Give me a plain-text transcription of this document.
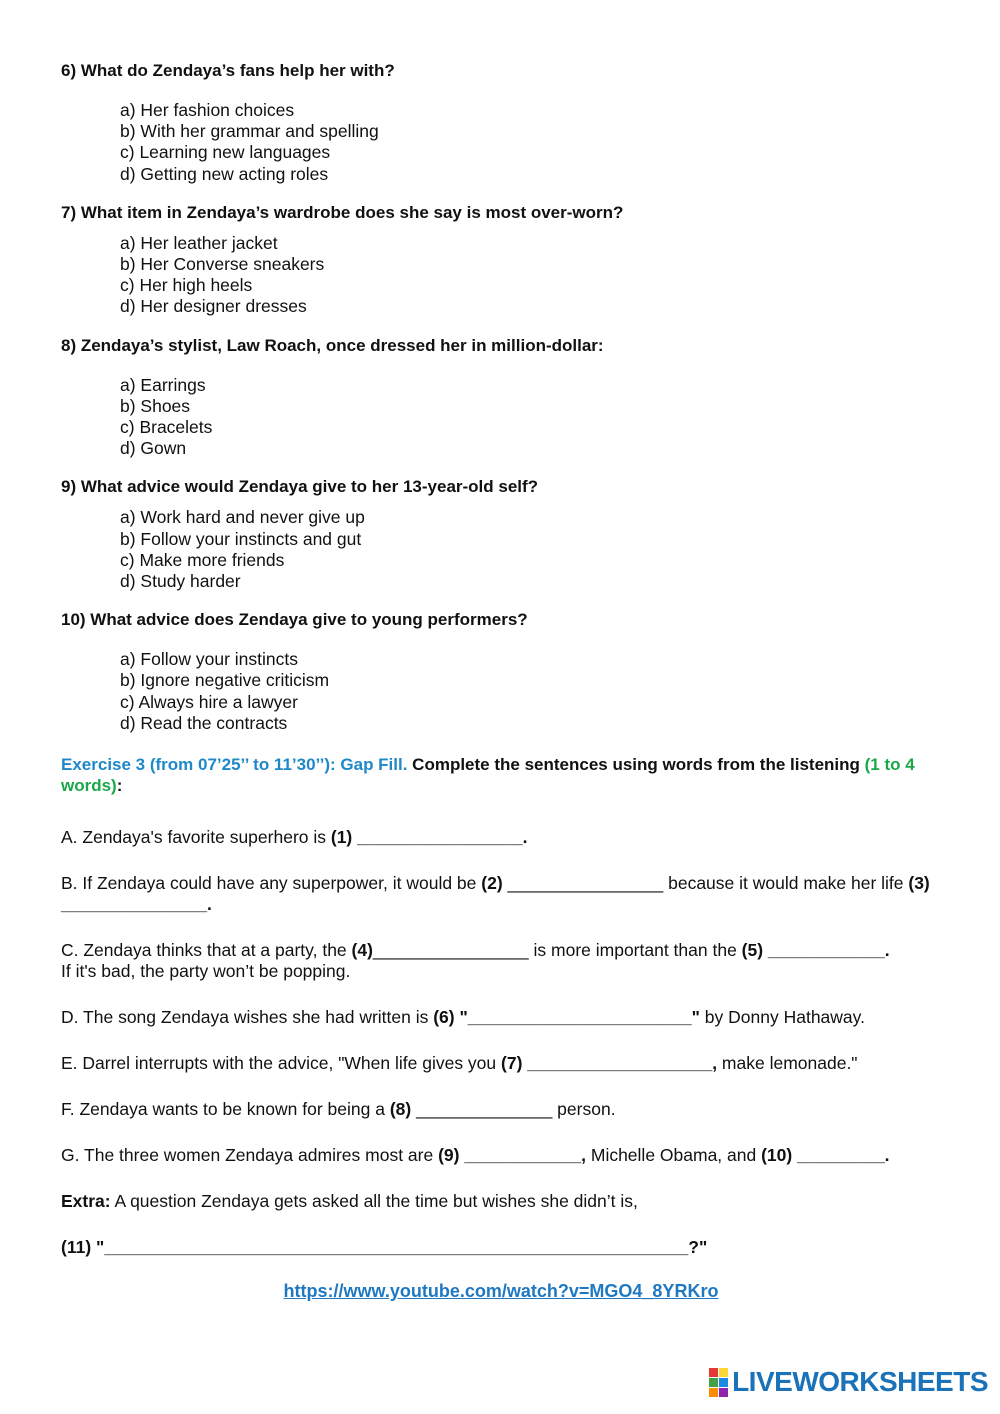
6) What do Zendaya’s fans help her with?

a) Her fashion choices
b) With her grammar and spelling
c) Learning new languages
d) Getting new acting roles

7) What item in Zendaya’s wardrobe does she say is most over-worn?

a) Her leather jacket
b) Her Converse sneakers
c) Her high heels
d) Her designer dresses

8) Zendaya’s stylist, Law Roach, once dressed her in million-dollar:

a) Earrings
b) Shoes
c) Bracelets
d) Gown

9) What advice would Zendaya give to her 13-year-old self?

a) Work hard and never give up
b) Follow your instincts and gut
c) Make more friends
d) Study harder

10) What advice does Zendaya give to young performers?

a) Follow your instincts
b) Ignore negative criticism
c) Always hire a lawyer
d) Read the contracts
Exercise 3 (from 07’25’’ to 11’30’’): Gap Fill. Complete the sentences using words from the listening (1 to 4 words):
A. Zendaya's favorite superhero is (1) _________________.
B. If Zendaya could have any superpower, it would be (2) ________________ because it would make her life (3) _______________.
C. Zendaya thinks that at a party, the (4)________________ is more important than the (5) ____________.
If it's bad, the party won’t be popping.
D. The song Zendaya wishes she had written is (6) "_______________________" by Donny Hathaway.
E. Darrel interrupts with the advice, "When life gives you (7) ___________________, make lemonade."
F. Zendaya wants to be known for being a (8) ______________ person.
G. The three women Zendaya admires most are (9) ____________, Michelle Obama, and (10) _________.
Extra: A question Zendaya gets asked all the time but wishes she didn’t is,
(11) "____________________________________________________________?"
https://www.youtube.com/watch?v=MGO4_8YRKro
LIVEWORKSHEETS
